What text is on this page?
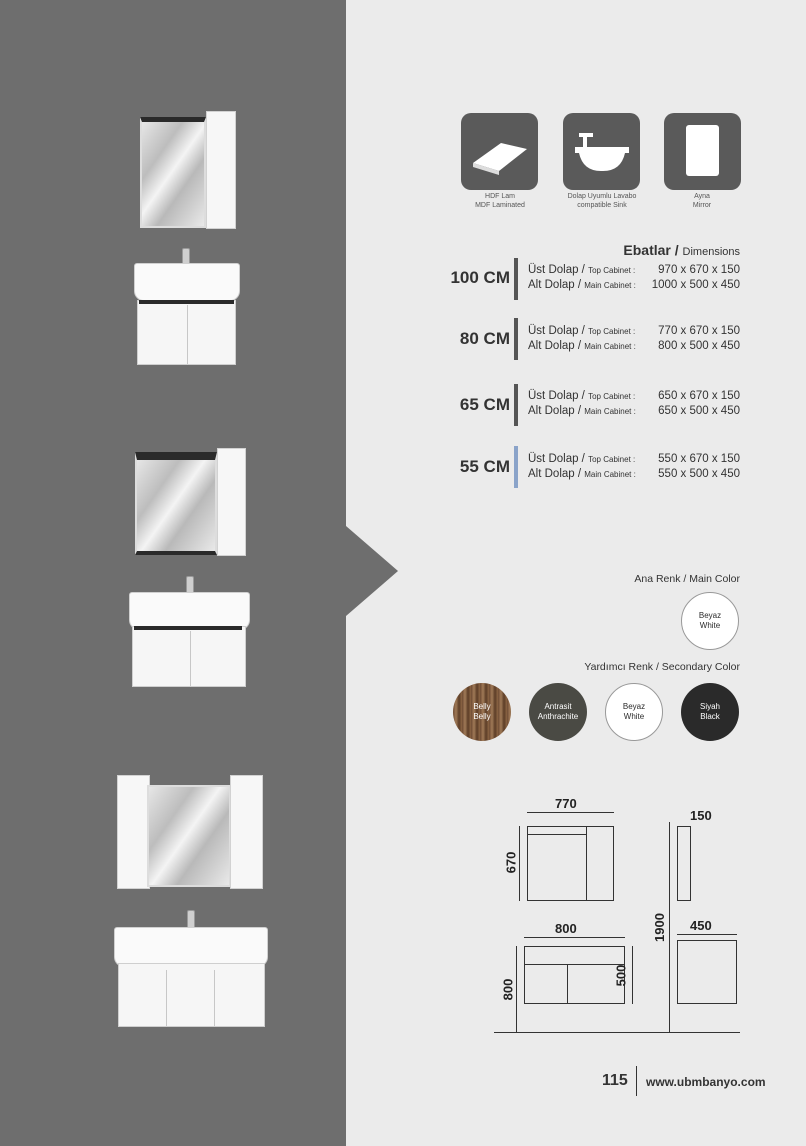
HDF Lam
MDF Laminated
Dolap Uyumlu Lavabo
compatible Sink
Ayna
Mirror
Ebatlar / Dimensions
100 CM Üst Dolap / Top Cabinet : 970 x 670 x 150
Alt Dolap / Main Cabinet : 1000 x 500 x 450
80 CM Üst Dolap / Top Cabinet : 770 x 670 x 150
Alt Dolap / Main Cabinet : 800 x 500 x 450
65 CM Üst Dolap / Top Cabinet : 650 x 670 x 150
Alt Dolap / Main Cabinet : 650 x 500 x 450
55 CM Üst Dolap / Top Cabinet : 550 x 670 x 150
Alt Dolap / Main Cabinet : 550 x 500 x 450
Ana Renk / Main Color
Beyaz
White
Yardımcı Renk / Secondary Color
Belly
Belly
Antrasit
Anthrachite
Beyaz
White
Siyah
Black
770
670
800
500
800
150
1900 450
115 www.ubmbanyo.com
